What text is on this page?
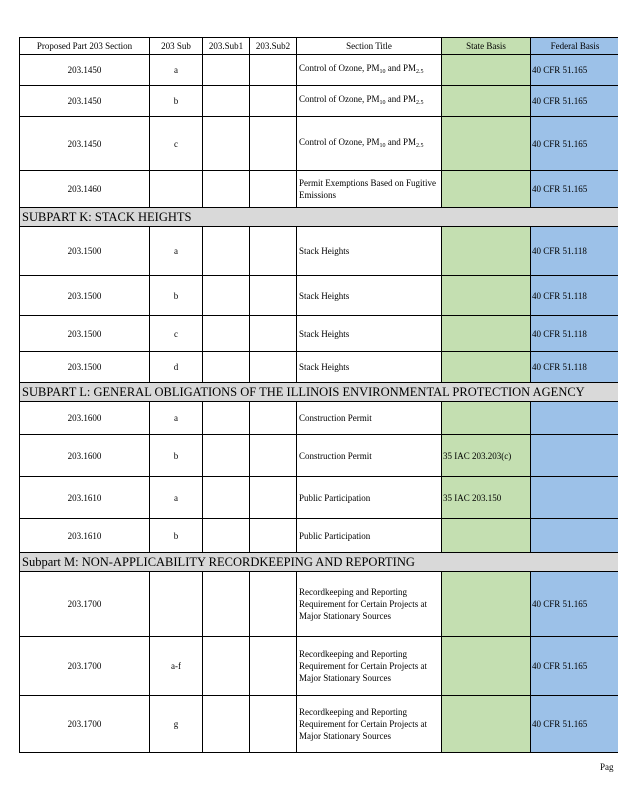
Proposed Part 203 Section	203 Sub	203.Sub1	203.Sub2	Section Title	State Basis	Federal Basis
203.1450	a			Control of Ozone, $PM_{10}$ and $PM_{2.5}$		40 CFR 51.165
203.1450	b			Control of Ozone, $PM_{10}$ and $PM_{2.5}$		40 CFR 51.165
203.1450	c			Control of Ozone, $PM_{10}$ and $PM_{2.5}$		40 CFR 51.165
203.1460				Permit Exemptions Based on Fugitive Emissions		40 CFR 51.165
SUBPART K: STACK HEIGHTS						
203.1500	a			Stack Heights		40 CFR 51.118
203.1500	b			Stack Heights		40 CFR 51.118
203.1500	c			Stack Heights		40 CFR 51.118
203.1500	d			Stack Heights		40 CFR 51.118
SUBPART L: GENERAL OBLIGATIONS OF THE ILLINOIS ENVIRONMENTAL PROTECTION AGENCY						
203.1600	a			Construction Permit		
203.1600	b			Construction Permit	35 IAC 203.203(c)	
203.1610	a			Public Participation	35 IAC 203.150	
203.1610	b			Public Participation		
Subpart M: NON-APPLICABILITY RECORDKEEPING AND REPORTING						
203.1700				Recordkeeping and Reporting Requirement for Certain Projects at Major Stationary Sources		40 CFR 51.165
203.1700	a-f			Recordkeeping and Reporting Requirement for Certain Projects at Major Stationary Sources		40 CFR 51.165
203.1700	g			Recordkeeping and Reporting Requirement for Certain Projects at Major Stationary Sources		40 CFR 51.165
Pag
